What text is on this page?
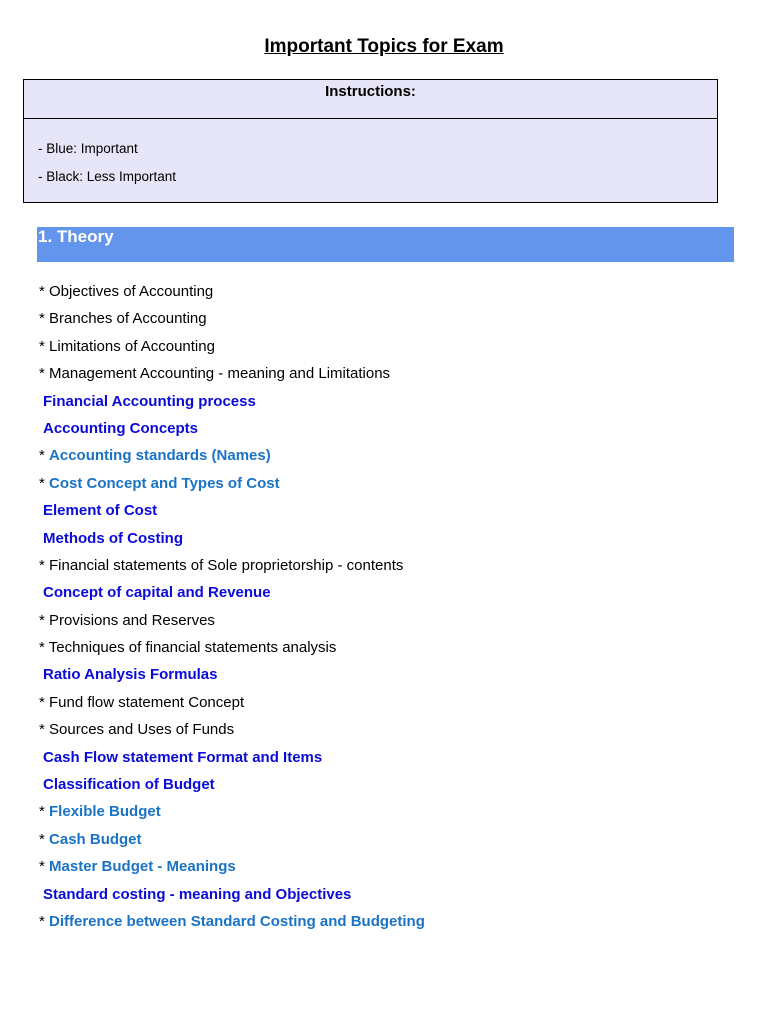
Important Topics for Exam
Instructions:
- Blue: Important
- Black: Less Important
1. Theory
* Objectives of Accounting
* Branches of Accounting
* Limitations of Accounting
* Management Accounting - meaning and Limitations
Financial Accounting process
Accounting Concepts
* Accounting standards (Names)
* Cost Concept and Types of Cost
Element of Cost
Methods of Costing
* Financial statements of Sole proprietorship - contents
Concept of capital and Revenue
* Provisions and Reserves
* Techniques of financial statements analysis
Ratio Analysis Formulas
* Fund flow statement Concept
* Sources and Uses of Funds
Cash Flow statement Format and Items
Classification of Budget
* Flexible Budget
* Cash Budget
* Master Budget - Meanings
Standard costing - meaning and Objectives
* Difference between Standard Costing and Budgeting
